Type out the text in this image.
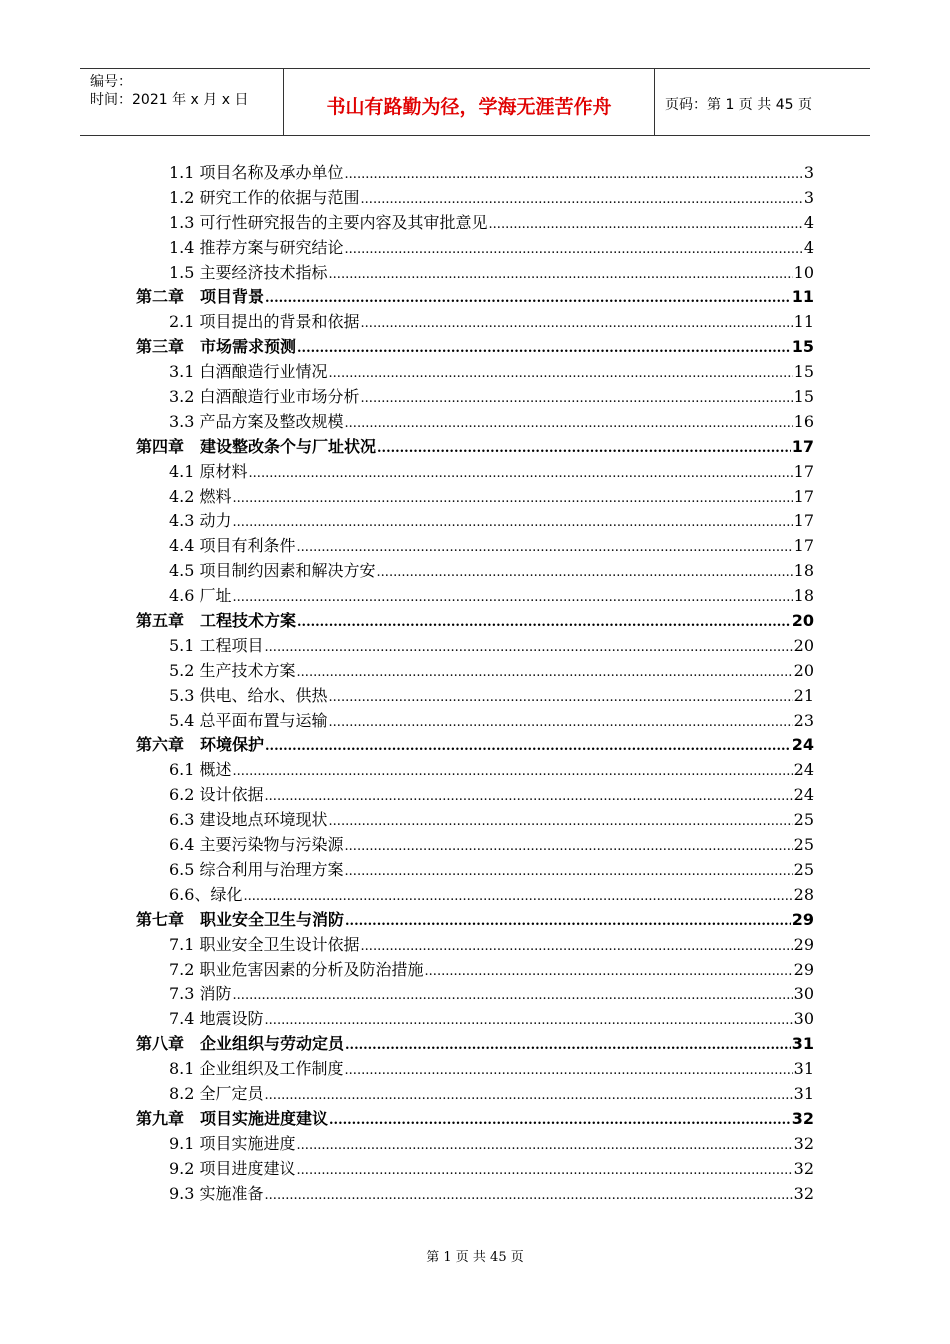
编号：
时间：2021 年 x 月 x 日	书山有路勤为径，学海无涯苦作舟	页码：第 1 页 共 45 页
1.1 项目名称及承办单位 .....	3
1.2 研究工作的依据与范围 .....	3
1.3 可行性研究报告的主要内容及其审批意见 .....	4
1.4 推荐方案与研究结论 .....	4
1.5 主要经济技术指标 .....	10
第二章　项目背景 .....	11
2.1 项目提出的背景和依据 .....	11
第三章　市场需求预测 .....	15
3.1 白酒酿造行业情况 .....	15
3.2 白酒酿造行业市场分析 .....	15
3.3 产品方案及整改规模 .....	16
第四章　建设整改条个与厂址状况 .....	17
4.1 原材料 .....	17
4.2 燃料 .....	17
4.3 动力 .....	17
4.4 项目有利条件 .....	17
4.5 项目制约因素和解决方安 .....	18
4.6 厂址 .....	18
第五章　工程技术方案 .....	20
5.1 工程项目 .....	20
5.2 生产技术方案 .....	20
5.3 供电、给水、供热 .....	21
5.4 总平面布置与运输 .....	23
第六章　环境保护 .....	24
6.1 概述 .....	24
6.2 设计依据 .....	24
6.3 建设地点环境现状 .....	25
6.4 主要污染物与污染源 .....	25
6.5 综合利用与治理方案 .....	25
6.6、绿化 .....	28
第七章　职业安全卫生与消防 .....	29
7.1 职业安全卫生设计依据 .....	29
7.2 职业危害因素的分析及防治措施 .....	29
7.3 消防 .....	30
7.4 地震设防 .....	30
第八章　企业组织与劳动定员 .....	31
8.1 企业组织及工作制度 .....	31
8.2 全厂定员 .....	31
第九章　项目实施进度建议 .....	32
9.1 项目实施进度 .....	32
9.2 项目进度建议 .....	32
9.3 实施准备 .....	32
第 1 页 共 45 页
